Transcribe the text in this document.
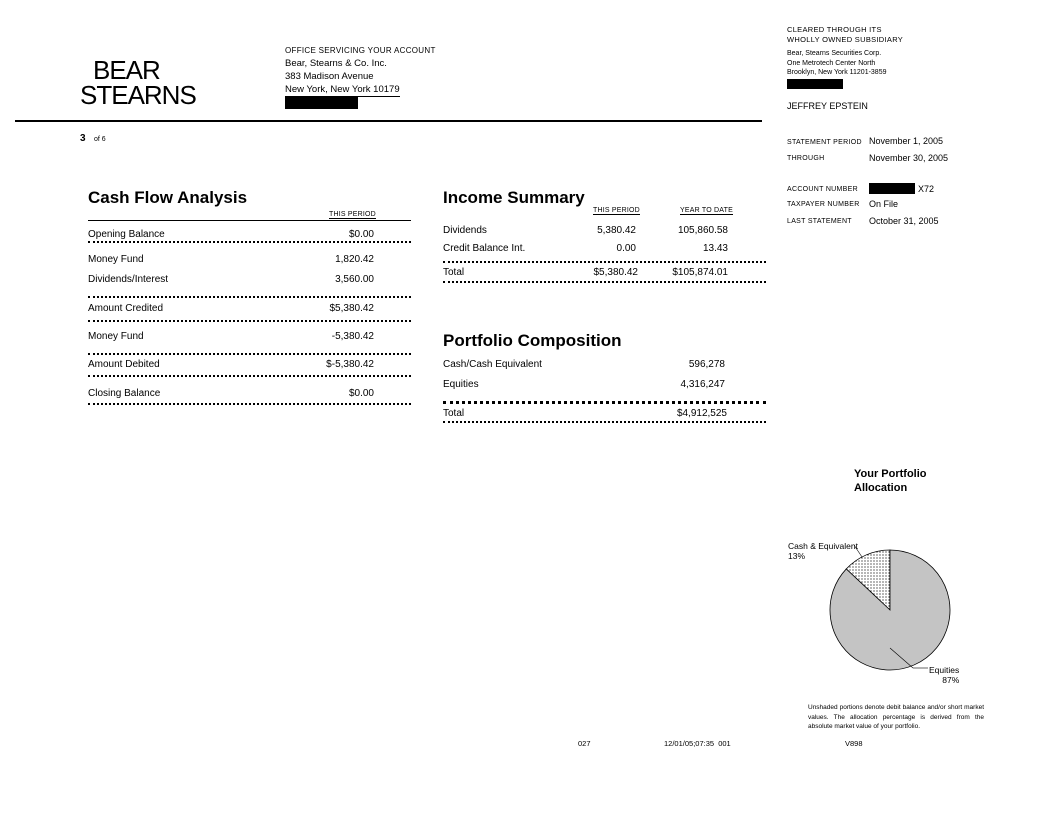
BEAR
STEARNS
OFFICE SERVICING YOUR ACCOUNT
Bear, Stearns & Co. Inc.
383 Madison Avenue
New York, New York 10179
CLEARED THROUGH ITS
WHOLLY OWNED SUBSIDIARY
Bear, Stearns Securities Corp.
One Metrotech Center North
Brooklyn, New York 11201-3859
JEFFREY EPSTEIN
3 of 6	STATEMENT PERIOD November 1, 2005
THROUGH	November 30, 2005
ACCOUNT NUMBER	X72
TAXPAYER NUMBER On File
LAST STATEMENT October 31, 2005
Cash Flow Analysis
THIS PERIOD
Opening Balance	$0.00
Money Fund	1,820.42
Dividends/Interest	3,560.00
Amount Credited	$5,380.42
Money Fund	-5,380.42
Amount Debited	$-5,380.42
Closing Balance	$0.00
Income Summary
THIS PERIOD	YEAR TO DATE
Dividends	5,380.42	105,860.58
Credit Balance Int.	0.00	13.43
Total	$5,380.42	$105,874.01
Portfolio Composition
Cash/Cash Equivalent	596,278
Equities	4,316,247
Total	$4,912,525
Your Portfolio
Allocation
Cash & Equivalent
13%
Equities
87%
Unshaded portions denote debit balance and/or short market values. The allocation percentage is derived from the absolute market value of your portfolio.
027	12/01/05;07:35  001	V898
